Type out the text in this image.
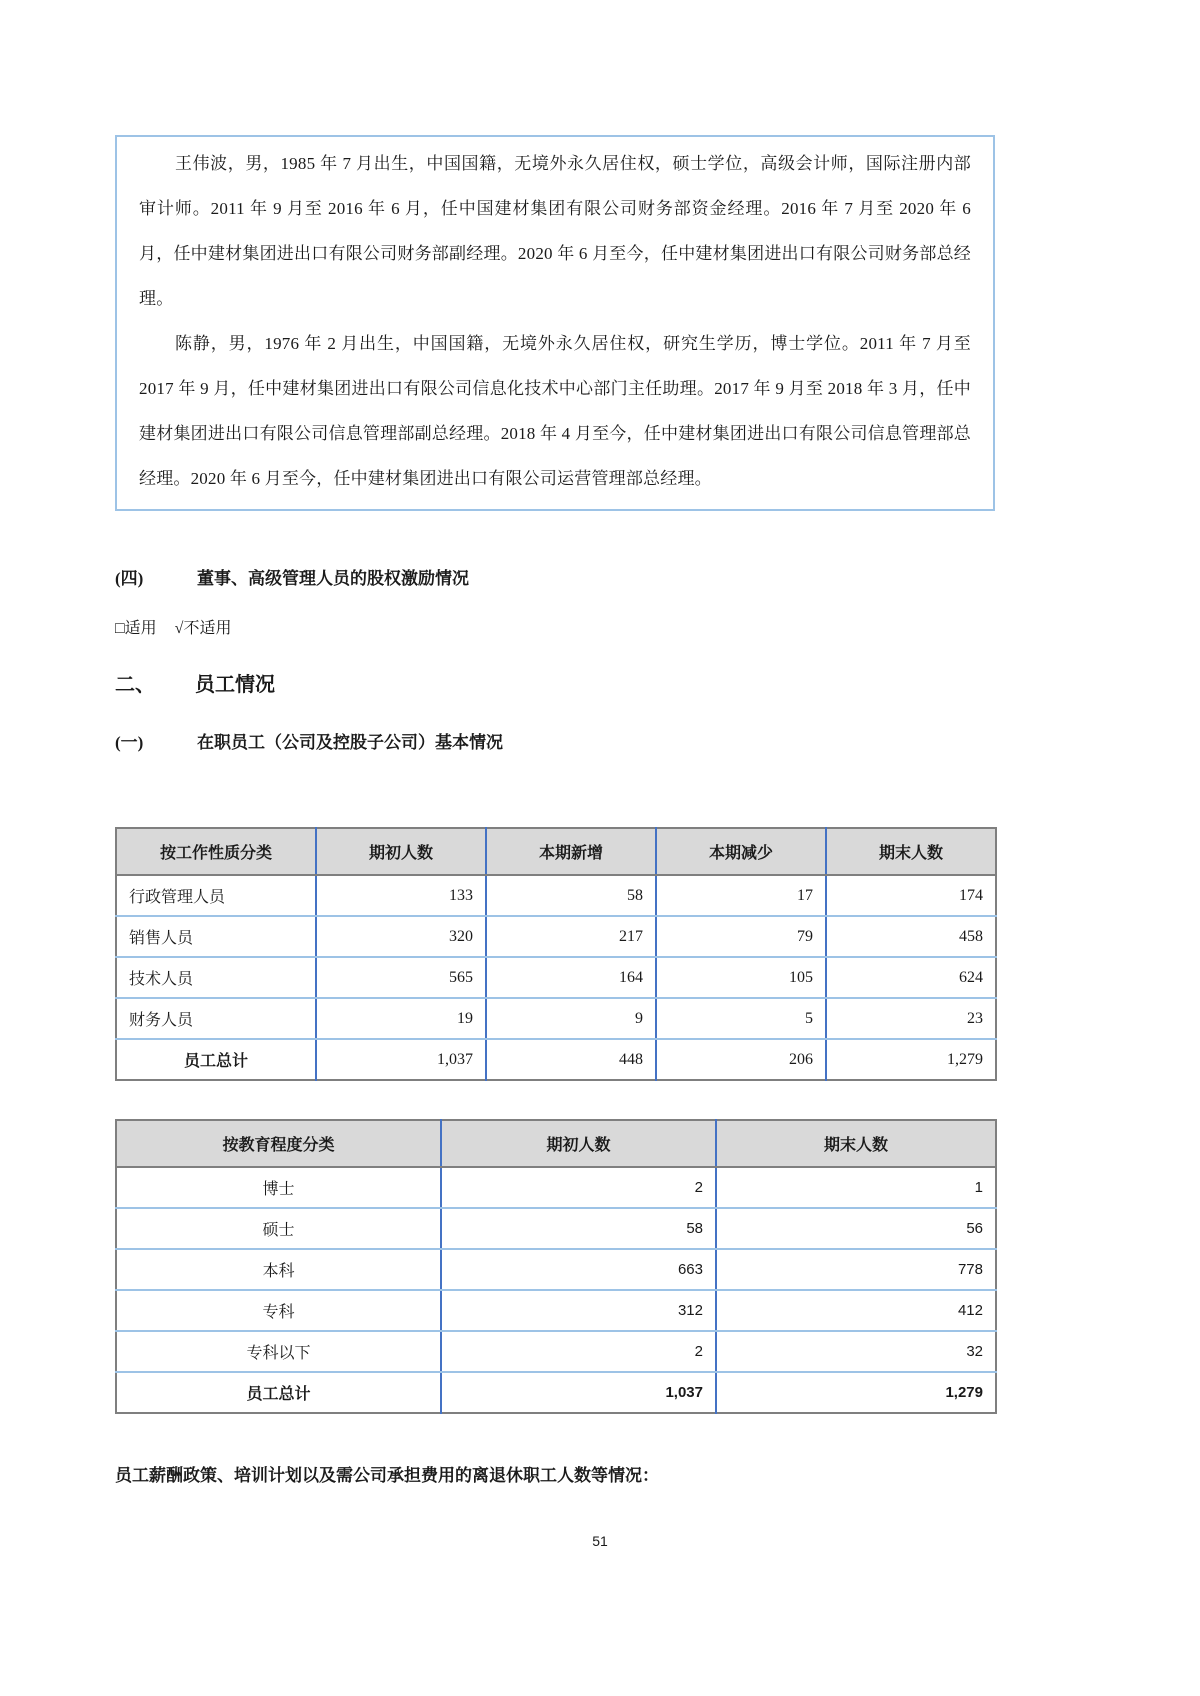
王伟波，男，1985 年 7 月出生，中国国籍，无境外永久居住权，硕士学位，高级会计师，国际注册内部审计师。2011 年 9 月至 2016 年 6 月，任中国建材集团有限公司财务部资金经理。2016 年 7 月至 2020 年 6 月，任中建材集团进出口有限公司财务部副经理。2020 年 6 月至今，任中建材集团进出口有限公司财务部总经理。

陈静，男，1976 年 2 月出生，中国国籍，无境外永久居住权，研究生学历，博士学位。2011 年 7 月至 2017 年 9 月，任中建材集团进出口有限公司信息化技术中心部门主任助理。2017 年 9 月至 2018 年 3 月，任中建材集团进出口有限公司信息管理部副总经理。2018 年 4 月至今，任中建材集团进出口有限公司信息管理部总经理。2020 年 6 月至今，任中建材集团进出口有限公司运营管理部总经理。

(四)	董事、高级管理人员的股权激励情况
□适用 √不适用
二、	员工情况
(一)	在职员工（公司及控股子公司）基本情况
按工作性质分类	期初人数	本期新增	本期减少	期末人数
行政管理人员	133	58	17	174
销售人员	320	217	79	458
技术人员	565	164	105	624
财务人员	19	9	5	23
员工总计	1,037	448	206	1,279
按教育程度分类	期初人数	期末人数
博士	2	1
硕士	58	56
本科	663	778
专科	312	412
专科以下	2	32
员工总计	1,037	1,279
员工薪酬政策、培训计划以及需公司承担费用的离退休职工人数等情况：
51
